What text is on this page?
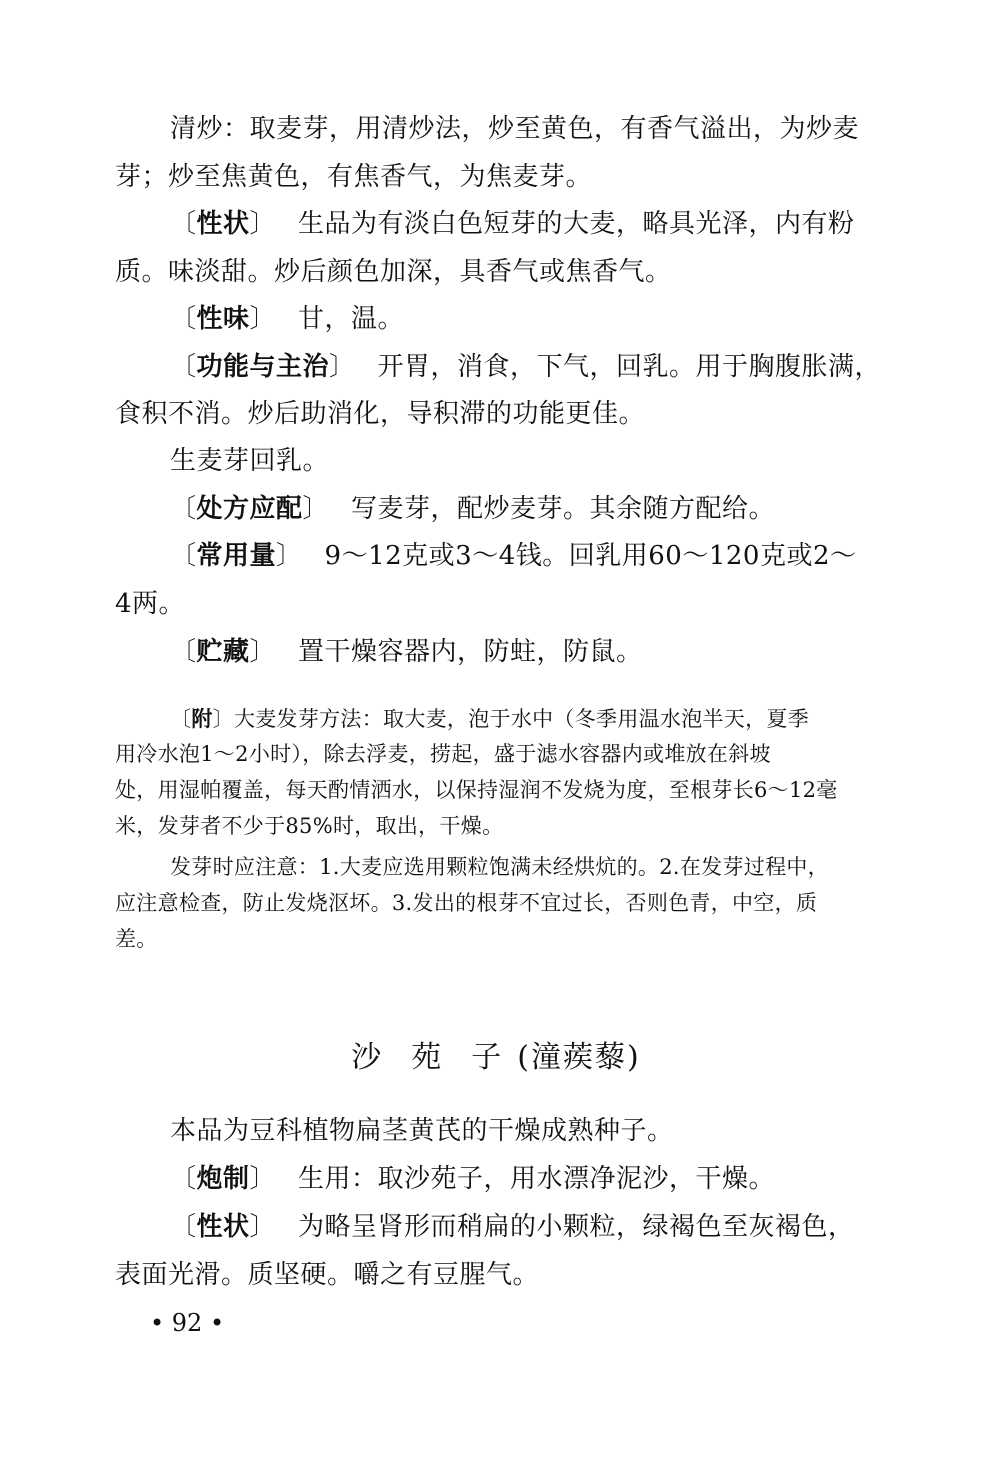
清炒：取麦芽，用清炒法，炒至黄色，有香气溢出，为炒麦
芽；炒至焦黄色，有焦香气，为焦麦芽。
〔性状〕 生品为有淡白色短芽的大麦，略具光泽，内有粉
质。味淡甜。炒后颜色加深，具香气或焦香气。
〔性味〕 甘，温。
〔功能与主治〕 开胃，消食，下气，回乳。用于胸腹胀满，
食积不消。炒后助消化，导积滞的功能更佳。
生麦芽回乳。
〔处方应配〕 写麦芽，配炒麦芽。其余随方配给。
〔常用量〕 9～12克或3～4钱。回乳用60～120克或2～
4两。
〔贮藏〕 置干燥容器内，防蛀，防鼠。
〔附〕大麦发芽方法：取大麦，泡于水中（冬季用温水泡半天，夏季
用冷水泡1～2小时），除去浮麦，捞起，盛于滤水容器内或堆放在斜坡
处，用湿帕覆盖，每天酌情洒水，以保持湿润不发烧为度，至根芽长6～12毫
米，发芽者不少于85%时，取出，干燥。
发芽时应注意：1.大麦应选用颗粒饱满未经烘炕的。2.在发芽过程中，
应注意检查，防止发烧沤坏。3.发出的根芽不宜过长，否则色青，中空，质
差。
沙 苑 子 (潼蒺藜)
本品为豆科植物扁茎黄芪的干燥成熟种子。
〔炮制〕 生用：取沙苑子，用水漂净泥沙，干燥。
〔性状〕 为略呈肾形而稍扁的小颗粒，绿褐色至灰褐色，
表面光滑。质坚硬。嚼之有豆腥气。
• 92 •
